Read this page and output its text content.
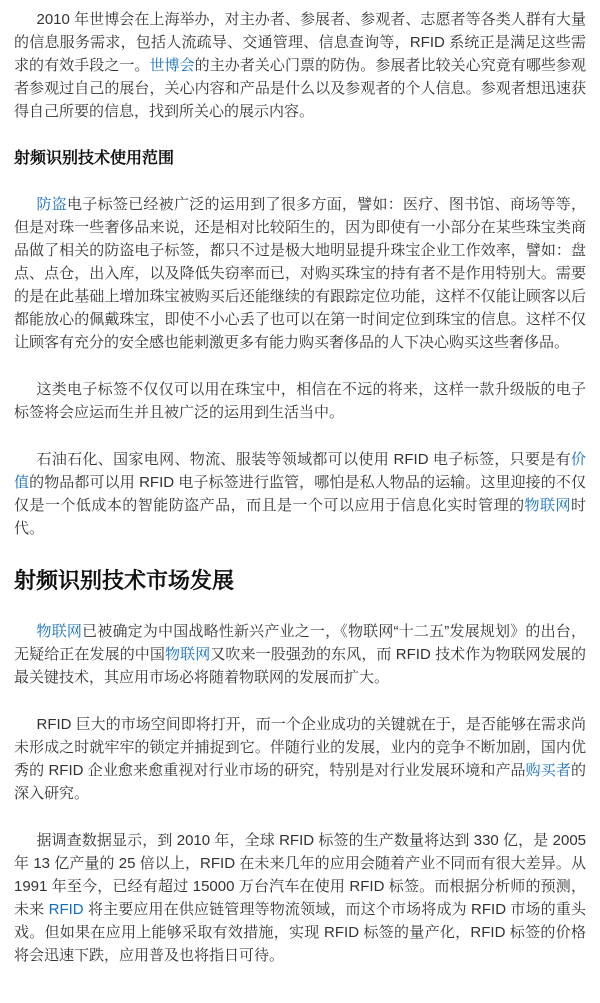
2010 年世博会在上海举办，对主办者、参展者、参观者、志愿者等各类人群有大量的信息服务需求，包括人流疏导、交通管理、信息查询等，RFID 系统正是满足这些需求的有效手段之一。世博会的主办者关心门票的防伪。参展者比较关心究竟有哪些参观者参观过自己的展台，关心内容和产品是什么以及参观者的个人信息。参观者想迅速获得自己所要的信息，找到所关心的展示内容。

射频识别技术使用范围

防盗电子标签已经被广泛的运用到了很多方面，譬如：医疗、图书馆、商场等等，但是对珠一些奢侈品来说，还是相对比较陌生的，因为即使有一小部分在某些珠宝类商品做了相关的防盗电子标签，都只不过是极大地明显提升珠宝企业工作效率，譬如：盘点、点仓，出入库，以及降低失窃率而已，对购买珠宝的持有者不是作用特别大。需要的是在此基础上增加珠宝被购买后还能继续的有跟踪定位功能，这样不仅能让顾客以后都能放心的佩戴珠宝，即使不小心丢了也可以在第一时间定位到珠宝的信息。这样不仅让顾客有充分的安全感也能刺激更多有能力购买奢侈品的人下决心购买这些奢侈品。

这类电子标签不仅仅可以用在珠宝中，相信在不远的将来，这样一款升级版的电子标签将会应运而生并且被广泛的运用到生活当中。

石油石化、国家电网、物流、服装等领域都可以使用 RFID 电子标签，只要是有价值的物品都可以用 RFID 电子标签进行监管，哪怕是私人物品的运输。这里迎接的不仅仅是一个低成本的智能防盗产品，而且是一个可以应用于信息化实时管理的物联网时代。

射频识别技术市场发展

物联网已被确定为中国战略性新兴产业之一，《物联网“十二五”发展规划》的出台，无疑给正在发展的中国物联网又吹来一股强劲的东风，而 RFID 技术作为物联网发展的最关键技术，其应用市场必将随着物联网的发展而扩大。

RFID 巨大的市场空间即将打开，而一个企业成功的关键就在于，是否能够在需求尚未形成之时就牢牢的锁定并捕捉到它。伴随行业的发展，业内的竞争不断加剧，国内优秀的 RFID 企业愈来愈重视对行业市场的研究，特别是对行业发展环境和产品购买者的深入研究。

据调查数据显示，到 2010 年，全球 RFID 标签的生产数量将达到 330 亿，是 2005 年 13 亿产量的 25 倍以上，RFID 在未来几年的应用会随着产业不同而有很大差异。从 1991 年至今，已经有超过 15000 万台汽车在使用 RFID 标签。而根据分析师的预测，未来 RFID 将主要应用在供应链管理等物流领域，而这个市场将成为 RFID 市场的重头戏。但如果在应用上能够采取有效措施，实现 RFID 标签的量产化，RFID 标签的价格将会迅速下跌，应用普及也将指日可待。
